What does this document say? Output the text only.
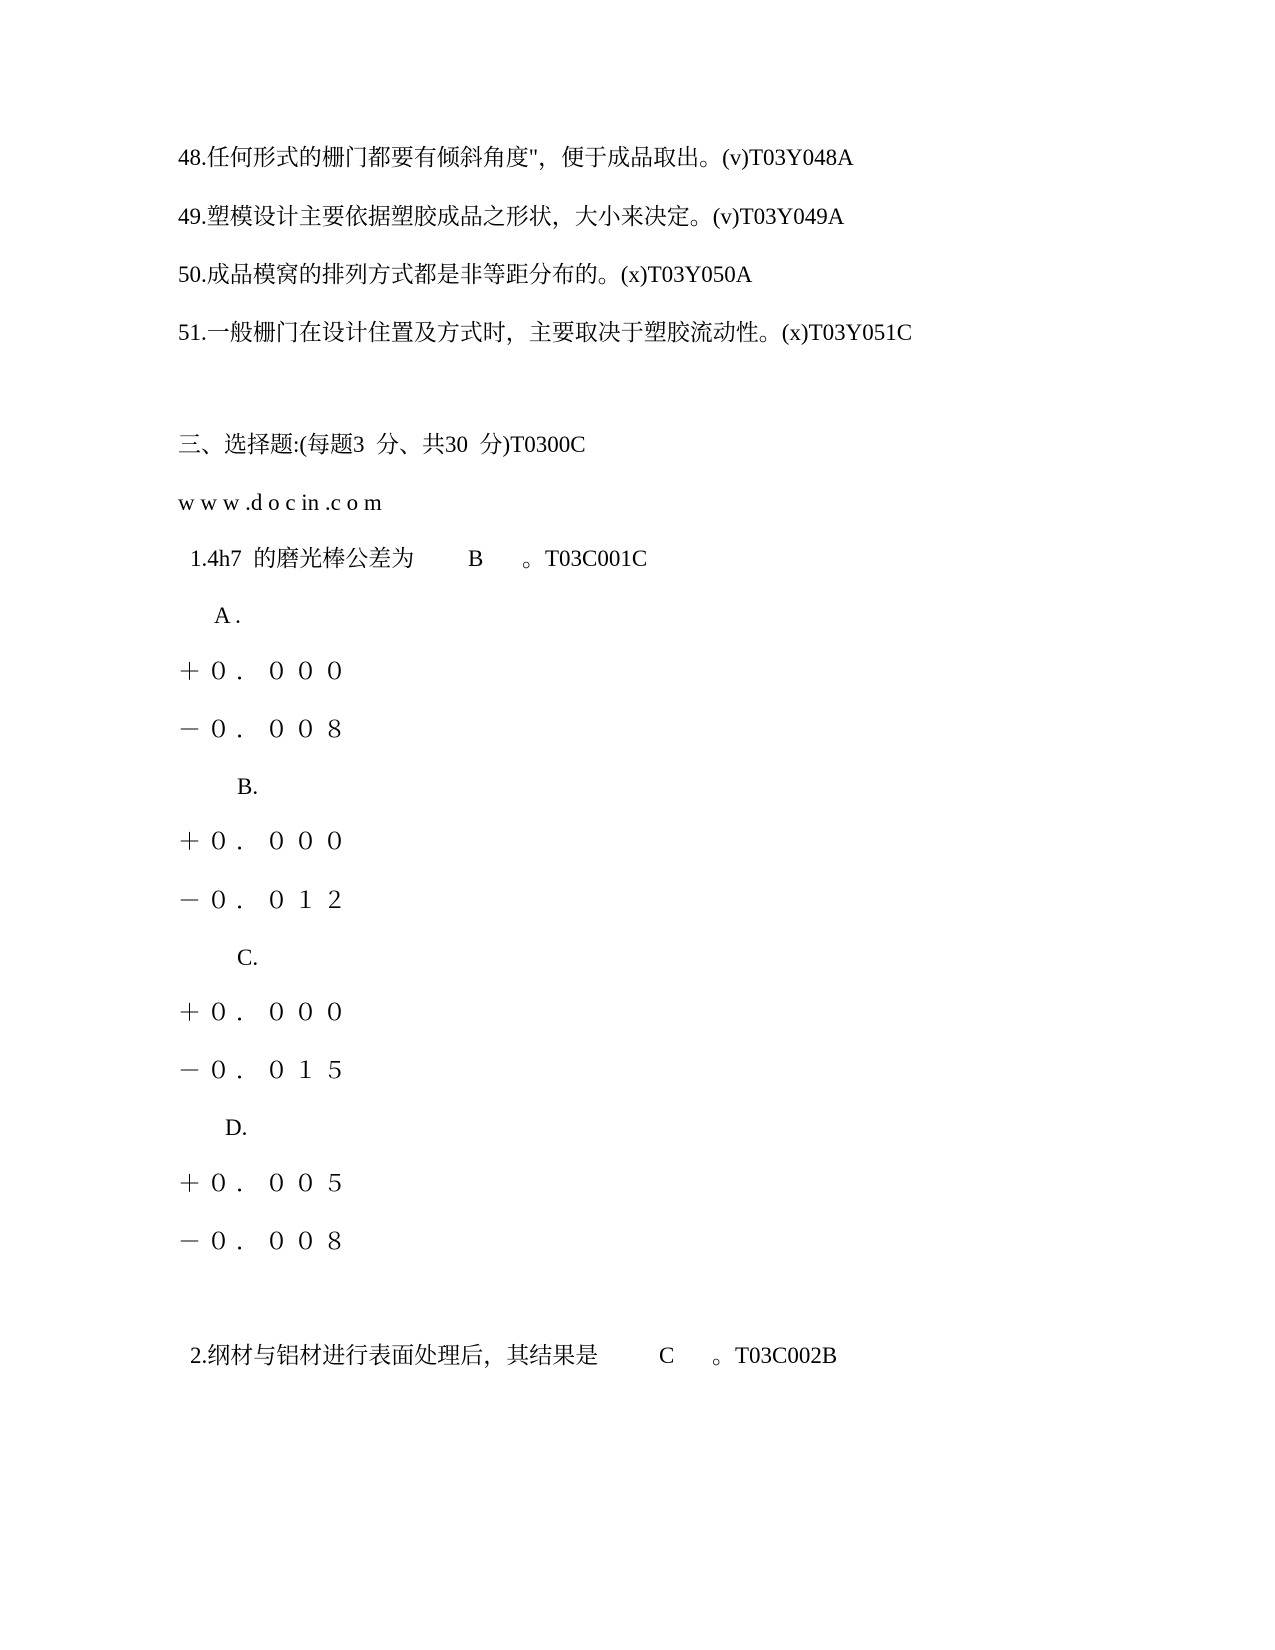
48.任何形式的栅门都要有倾斜角度"，便于成品取出。(v)T03Y048A
49.塑模设计主要依据塑胶成品之形状，大小来决定。(v)T03Y049A
50.成品模窝的排列方式都是非等距分布的。(x)T03Y050A
51.一般栅门在设计住置及方式时，主要取决于塑胶流动性。(x)T03Y051C
三、选择题:(每题3  分、共30  分)T0300C
w w w .d o c in .c o m
1.4h7  的磨光棒公差为 B 。T03C001C
A .
＋０．０００
－０．００８
B.
＋０．０００
－０．０１２
C.
＋０．０００
－０．０１５
D.
＋０．００５
－０．００８
2.纲材与铝材进行表面处理后，其结果是	C 。T03C002B
